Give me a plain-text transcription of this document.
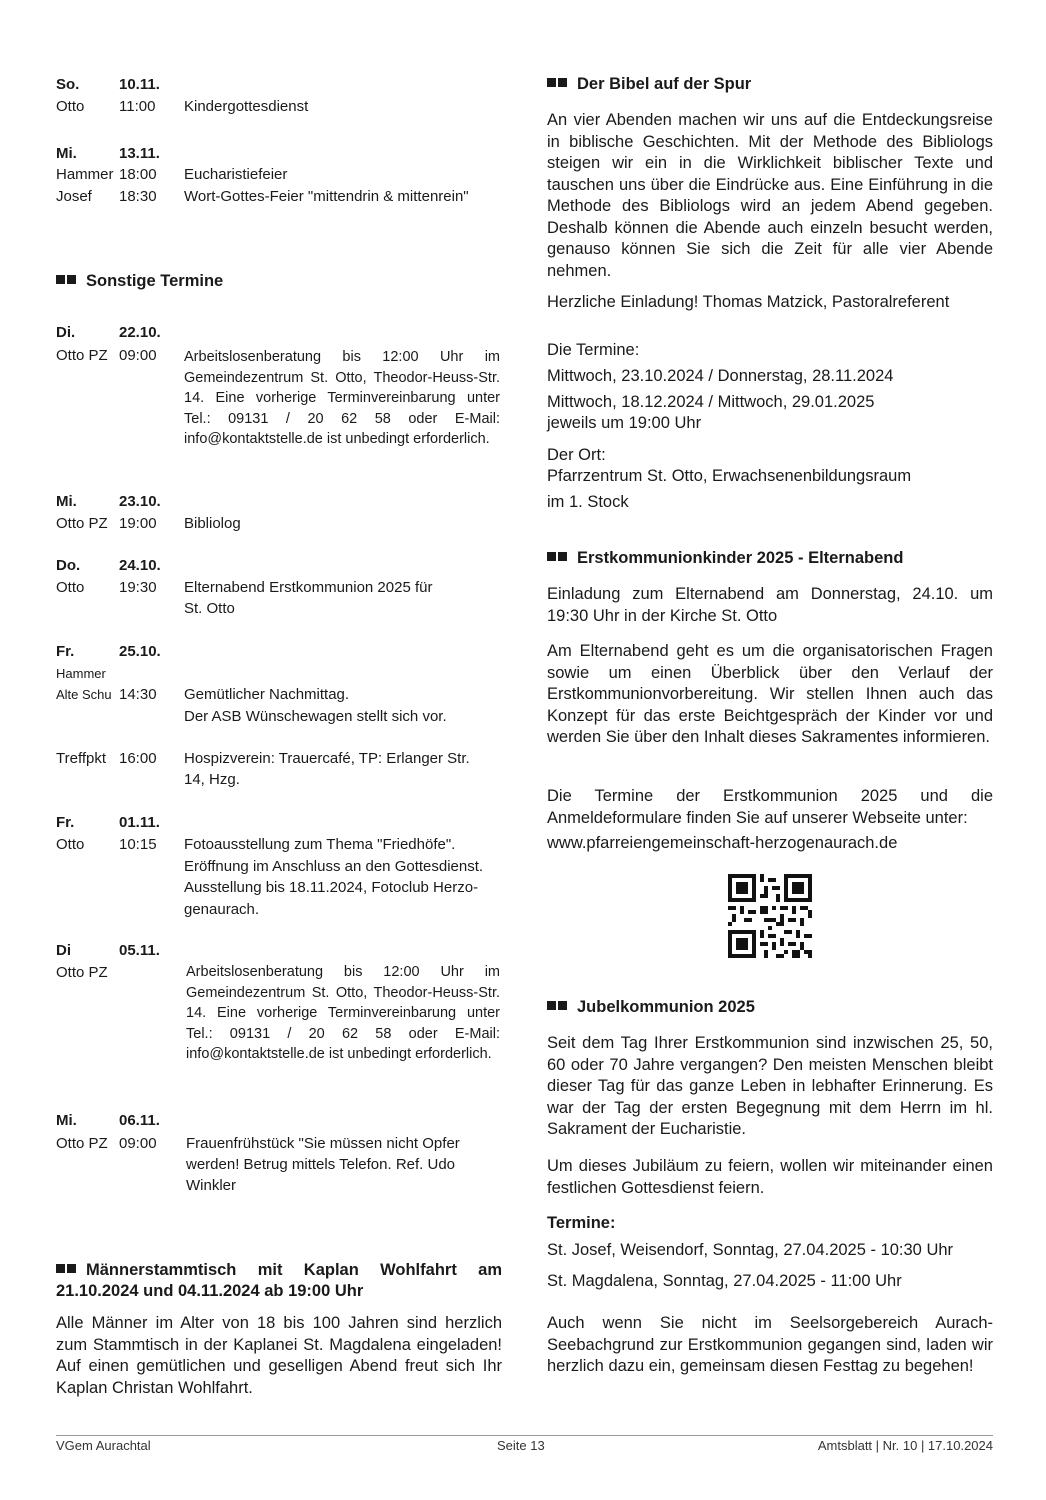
So.	10.11.
Otto 11:00 Kindergottesdienst
Mi.	13.11.
Hammer 18:00 Eucharistiefeier
Josef 18:30 Wort-Gottes-Feier "mittendrin & mittenrein"
Sonstige Termine
Di.	22.10.
Otto PZ 09:00 Arbeitslosenberatung bis 12:00 Uhr im Gemeindezentrum St. Otto, Theodor-Heuss-Str. 14. Eine vorherige Terminvereinbarung unter Tel.: 09131 / 20 62 58 oder E-Mail: info@kontaktstelle.de ist unbedingt erforderlich.
Mi.	23.10.
Otto PZ 19:00 Bibliolog
Do.	24.10.
Otto 19:30 Elternabend Erstkommunion 2025 für
St. Otto
Fr.	25.10.
Hammer
Alte Schu 14:30 Gemütlicher Nachmittag.
Der ASB Wünschewagen stellt sich vor.
Treffpkt 16:00 Hospizverein: Trauercafé, TP: Erlanger Str.
14, Hzg.
Fr.	01.11.
Otto 10:15 Fotoausstellung zum Thema "Friedhöfe".
Eröffnung im Anschluss an den Gottesdienst.
Ausstellung bis 18.11.2024, Fotoclub Herzo-
genaurach.
Di	05.11.
Otto PZ	Arbeitslosenberatung bis 12:00 Uhr im Gemeindezentrum St. Otto, Theodor-Heuss-Str. 14. Eine vorherige Terminvereinbarung unter Tel.: 09131 / 20 62 58 oder E-Mail: info@kontaktstelle.de ist unbedingt erforderlich.
Mi.	06.11.
Otto PZ 09:00 Frauenfrühstück "Sie müssen nicht Opfer
werden! Betrug mittels Telefon. Ref. Udo
Winkler
Männerstammtisch mit Kaplan Wohlfahrt am 21.10.2024 und 04.11.2024 ab 19:00 Uhr
Alle Männer im Alter von 18 bis 100 Jahren sind herzlich zum Stammtisch in der Kaplanei St. Magdalena eingeladen! Auf einen gemütlichen und geselligen Abend freut sich Ihr Kaplan Christan Wohlfahrt.
Der Bibel auf der Spur
An vier Abenden machen wir uns auf die Entdeckungsreise in biblische Geschichten. Mit der Methode des Bibliologs steigen wir ein in die Wirklichkeit biblischer Texte und tauschen uns über die Eindrücke aus. Eine Einführung in die Methode des Bibliologs wird an jedem Abend gegeben. Deshalb können die Abende auch einzeln besucht werden, genauso können Sie sich die Zeit für alle vier Abende nehmen.
Herzliche Einladung! Thomas Matzick, Pastoralreferent
Die Termine:
Mittwoch, 23.10.2024 / Donnerstag, 28.11.2024
Mittwoch, 18.12.2024 / Mittwoch, 29.01.2025
jeweils um 19:00 Uhr
Der Ort:
Pfarrzentrum St. Otto, Erwachsenenbildungsraum
im 1. Stock
Erstkommunionkinder 2025 - Elternabend
Einladung zum Elternabend am Donnerstag, 24.10. um 19:30 Uhr in der Kirche St. Otto
Am Elternabend geht es um die organisatorischen Fragen sowie um einen Überblick über den Verlauf der Erstkommunionvorbereitung. Wir stellen Ihnen auch das Konzept für das erste Beichtgespräch der Kinder vor und werden Sie über den Inhalt dieses Sakramentes informieren.
Die Termine der Erstkommunion 2025 und die Anmeldeformulare finden Sie auf unserer Webseite unter:
www.pfarreiengemeinschaft-herzogenaurach.de
Jubelkommunion 2025
Seit dem Tag Ihrer Erstkommunion sind inzwischen 25, 50, 60 oder 70 Jahre vergangen? Den meisten Menschen bleibt dieser Tag für das ganze Leben in lebhafter Erinnerung. Es war der Tag der ersten Begegnung mit dem Herrn im hl. Sakrament der Eucharistie.
Um dieses Jubiläum zu feiern, wollen wir miteinander einen festlichen Gottesdienst feiern.
Termine:
St. Josef, Weisendorf, Sonntag, 27.04.2025 - 10:30 Uhr
St. Magdalena, Sonntag, 27.04.2025 - 11:00 Uhr
Auch wenn Sie nicht im Seelsorgebereich Aurach-Seebachgrund zur Erstkommunion gegangen sind, laden wir herzlich dazu ein, gemeinsam diesen Festtag zu begehen!
VGem Aurachtal	Seite 13	Amtsblatt | Nr. 10 | 17.10.2024
